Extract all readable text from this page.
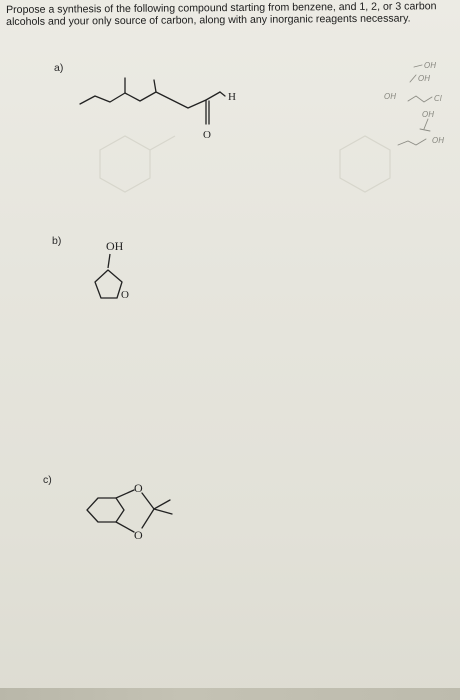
Propose a synthesis of the following compound starting from benzene, and 1, 2, or 3 carbon alcohols and your only source of carbon, along with any inorganic reagents necessary.
a)
H
O
b)	OH
O
c)
O
O
OH
OH
OH	Cl
OH
OH
